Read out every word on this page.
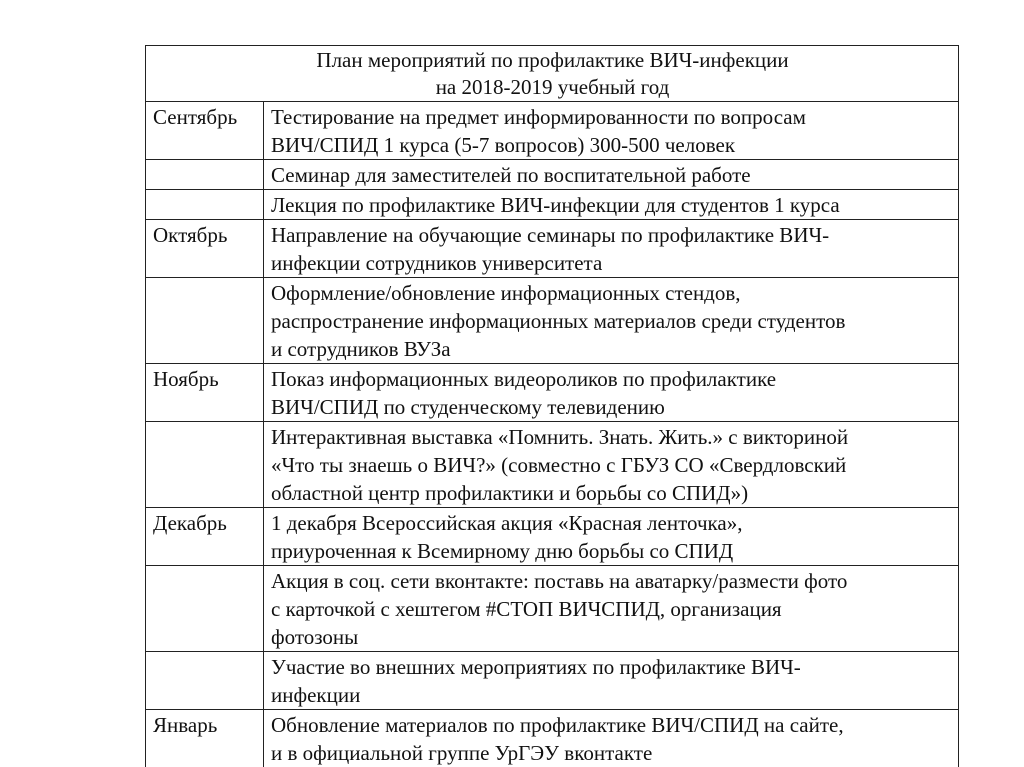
План мероприятий по профилактике ВИЧ-инфекции
на 2018-2019 учебный год	

Сентябрь	Тестирование на предмет информированности по вопросам
ВИЧ/СПИД 1 курса (5-7 вопросов) 300-500 человек

	Семинар для заместителей по воспитательной работе

	Лекция по профилактике ВИЧ-инфекции для студентов 1 курса

Октябрь	Направление на обучающие семинары по профилактике ВИЧ-
инфекции сотрудников университета

	Оформление/обновление информационных стендов,
распространение информационных материалов среди студентов
и сотрудников ВУЗа

Ноябрь	Показ информационных видеороликов по профилактике
ВИЧ/СПИД по студенческому телевидению

	Интерактивная выставка «Помнить. Знать. Жить.» с викториной
«Что ты знаешь о ВИЧ?» (совместно с ГБУЗ СО «Свердловский
областной центр профилактики и борьбы со СПИД»)

Декабрь	1 декабря Всероссийская акция «Красная ленточка»,
приуроченная к Всемирному дню борьбы со СПИД

	Акция в соц. сети вконтакте: поставь на аватарку/размести фото
с карточкой с хештегом #СТОП ВИЧСПИД, организация
фотозоны

	Участие во внешних мероприятиях по профилактике ВИЧ-
инфекции

Январь	Обновление материалов по профилактике ВИЧ/СПИД на сайте,
и в официальной группе УрГЭУ вконтакте
